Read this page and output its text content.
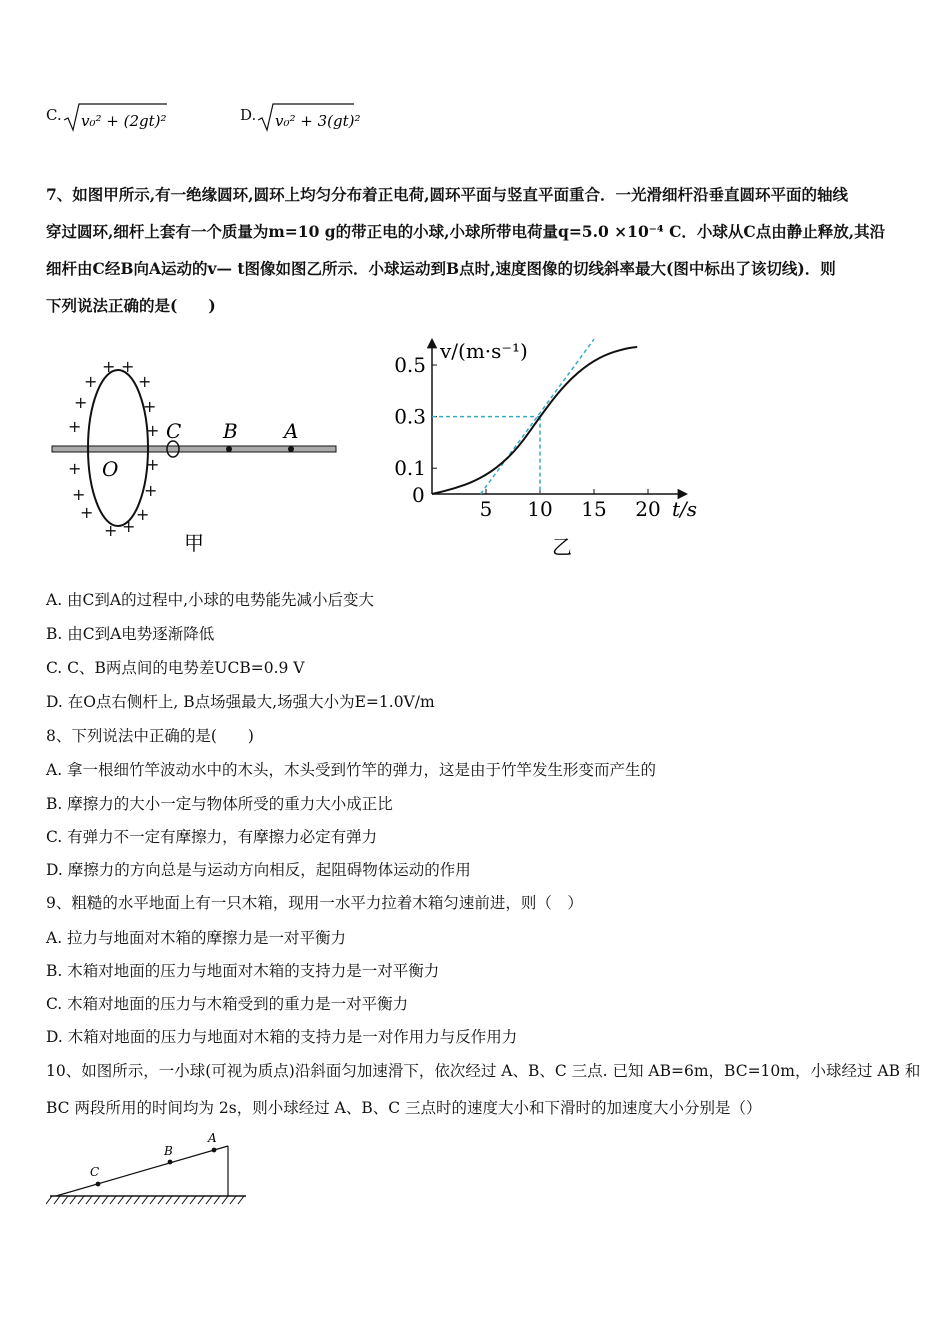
C. v₀² + (2gt)²	D. v₀² + 3(gt)²
7、如图甲所示,有一绝缘圆环,圆环上均匀分布着正电荷,圆环平面与竖直平面重合．一光滑细杆沿垂直圆环平面的轴线
穿过圆环,细杆上套有一个质量为m=10 g的带正电的小球,小球所带电荷量q=5.0 ×10⁻⁴ C．小球从C点由静止释放,其沿
细杆由C经B向A运动的v— t图像如图乙所示．小球运动到B点时,速度图像的切线斜率最大(图中标出了该切线)．则
下列说法正确的是(　　)
+ +
+	+
+	+
+	+
+	+
+	+
+	+
+ +
C B A
O
甲
v/(m·s⁻¹)
t/s
0
5 10 15 20
0.5
0.3
0.1
乙
A. 由C到A的过程中,小球的电势能先减小后变大
B. 由C到A电势逐渐降低
C. C、B两点间的电势差UCB=0.9 V
D. 在O点右侧杆上, B点场强最大,场强大小为E=1.0V/m
8、下列说法中正确的是(　　)
A. 拿一根细竹竿波动水中的木头，木头受到竹竿的弹力，这是由于竹竿发生形变而产生的
B. 摩擦力的大小一定与物体所受的重力大小成正比
C. 有弹力不一定有摩擦力，有摩擦力必定有弹力
D. 摩擦力的方向总是与运动方向相反，起阻碍物体运动的作用
9、粗糙的水平地面上有一只木箱，现用一水平力拉着木箱匀速前进，则（　）
A. 拉力与地面对木箱的摩擦力是一对平衡力
B. 木箱对地面的压力与地面对木箱的支持力是一对平衡力
C. 木箱对地面的压力与木箱受到的重力是一对平衡力
D. 木箱对地面的压力与地面对木箱的支持力是一对作用力与反作用力
10、如图所示，一小球(可视为质点)沿斜面匀加速滑下，依次经过 A、B、C 三点. 已知 AB=6m，BC=10m，小球经过 AB 和
BC 两段所用的时间均为 2s，则小球经过 A、B、C 三点时的速度大小和下滑时的加速度大小分别是（）
A
B
C
